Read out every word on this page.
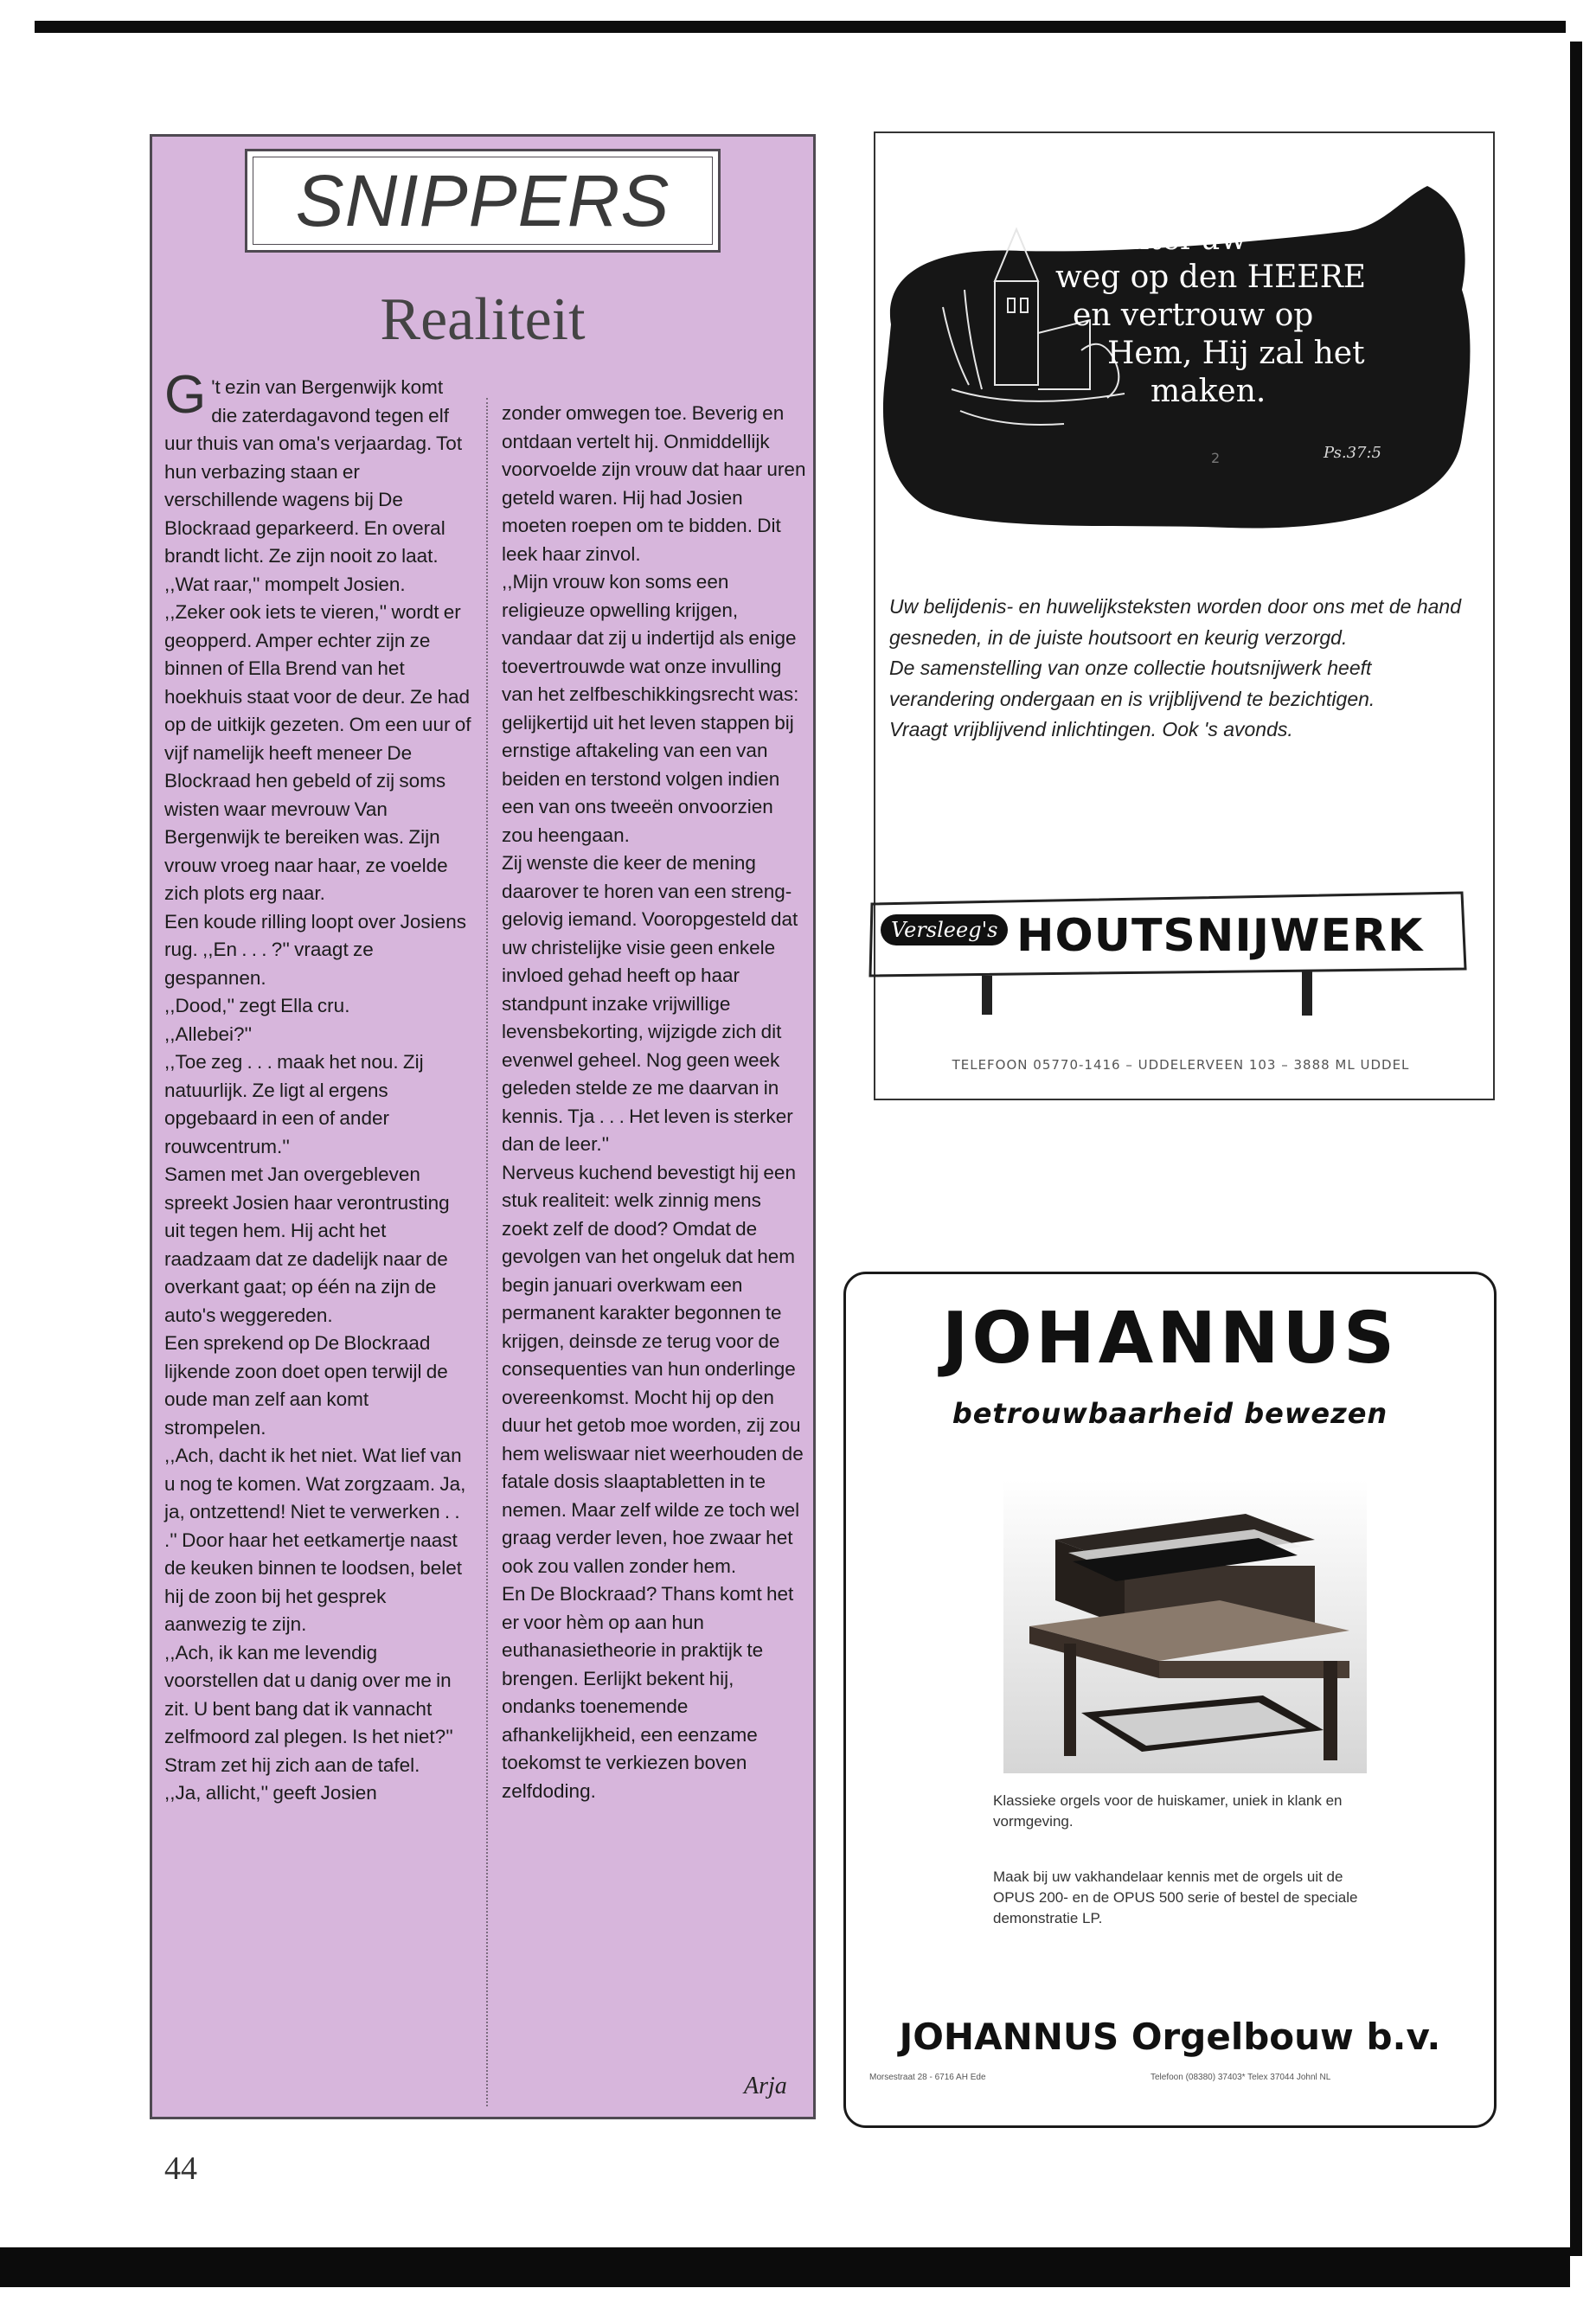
SNIPPERS
Realiteit

't
G ezin van Bergenwijk komt die zaterdagavond tegen elf uur thuis van oma's verjaardag. Tot hun verbazing staan er verschillende wagens bij De Blockraad geparkeerd. En overal brandt licht. Ze zijn nooit zo laat.

,,Wat raar,'' mompelt Josien.

,,Zeker ook iets te vieren,'' wordt er geopperd. Amper echter zijn ze binnen of Ella Brend van het hoekhuis staat voor de deur. Ze had op de uitkijk gezeten. Om een uur of vijf namelijk heeft meneer De Blockraad hen gebeld of zij soms wisten waar mevrouw Van Bergenwijk te bereiken was. Zijn vrouw vroeg naar haar, ze voelde zich plots erg naar.

Een koude rilling loopt over Josiens rug. ,,En . . . ?'' vraagt ze gespannen.

,,Dood,'' zegt Ella cru.

,,Allebei?''

,,Toe zeg . . . maak het nou. Zij natuurlijk. Ze ligt al ergens opgebaard in een of ander rouwcentrum.''

Samen met Jan overgebleven spreekt Josien haar verontrusting uit tegen hem. Hij acht het raadzaam dat ze dadelijk naar de overkant gaat; op één na zijn de auto's weggereden.

Een sprekend op De Blockraad lijkende zoon doet open terwijl de oude man zelf aan komt strompelen.

,,Ach, dacht ik het niet. Wat lief van u nog te komen. Wat zorgzaam. Ja, ja, ontzettend! Niet te verwerken . . .'' Door haar het eetkamertje naast de keuken binnen te loodsen, belet hij de zoon bij het gesprek aanwezig te zijn.

,,Ach, ik kan me levendig voorstellen dat u danig over me in zit. U bent bang dat ik vannacht zelfmoord zal plegen. Is het niet?'' Stram zet hij zich aan de tafel.

,,Ja, allicht,'' geeft Josien

zonder omwegen toe. Beverig en ontdaan vertelt hij. Onmiddellijk voorvoelde zijn vrouw dat haar uren geteld waren. Hij had Josien moeten roepen om te bidden. Dit leek haar zinvol.

,,Mijn vrouw kon soms een religieuze opwelling krijgen, vandaar dat zij u indertijd als enige toevertrouwde wat onze invulling van het zelfbeschikkingsrecht was: gelijkertijd uit het leven stappen bij ernstige aftakeling van een van beiden en terstond volgen indien een van ons tweeën onvoorzien zou heengaan.

Zij wenste die keer de mening daarover te horen van een streng-gelovig iemand. Vooropgesteld dat uw christelijke visie geen enkele invloed gehad heeft op haar standpunt inzake vrijwillige levensbekorting, wijzigde zich dit evenwel geheel. Nog geen week geleden stelde ze me daarvan in kennis. Tja . . . Het leven is sterker dan de leer.''

Nerveus kuchend bevestigt hij een stuk realiteit: welk zinnig mens zoekt zelf de dood? Omdat de gevolgen van het ongeluk dat hem begin januari overkwam een permanent karakter begonnen te krijgen, deinsde ze terug voor de consequenties van hun onderlinge overeenkomst. Mocht hij op den duur het getob moe worden, zij zou hem weliswaar niet weerhouden de fatale dosis slaaptabletten in te nemen. Maar zelf wilde ze toch wel graag verder leven, hoe zwaar het ook zou vallen zonder hem.

En De Blockraad? Thans komt het er voor hèm op aan hun euthanasietheorie in praktijk te brengen. Eerlijkt bekent hij, ondanks toenemende afhankelijkheid, een eenzame toekomst te verkiezen boven zelfdoding.

Arja
2
Wentel uw
weg op den HEERE
en vertrouw op
Hem, Hij zal het
maken.
Ps.37:5

Uw belijdenis- en huwelijksteksten worden door ons met de hand gesneden, in de juiste houtsoort en keurig verzorgd.

De samenstelling van onze collectie houtsnijwerk heeft verandering ondergaan en is vrijblijvend te bezichtigen.

Vraagt vrijblijvend inlichtingen. Ook 's avonds.

Versleeg's HOUTSNIJWERK
TELEFOON 05770-1416 – UDDELERVEEN 103 – 3888 ML UDDEL
JOHANNUS
betrouwbaarheid bewezen
Klassieke orgels voor de huiskamer, uniek in klank en vormgeving.
Maak bij uw vakhandelaar kennis met de orgels uit de OPUS 200- en de OPUS 500 serie of bestel de speciale demonstratie LP.
JOHANNUS Orgelbouw b.v.
Morsestraat 28 - 6716 AH Ede	Telefoon (08380) 37403* Telex 37044 Johnl NL
44
